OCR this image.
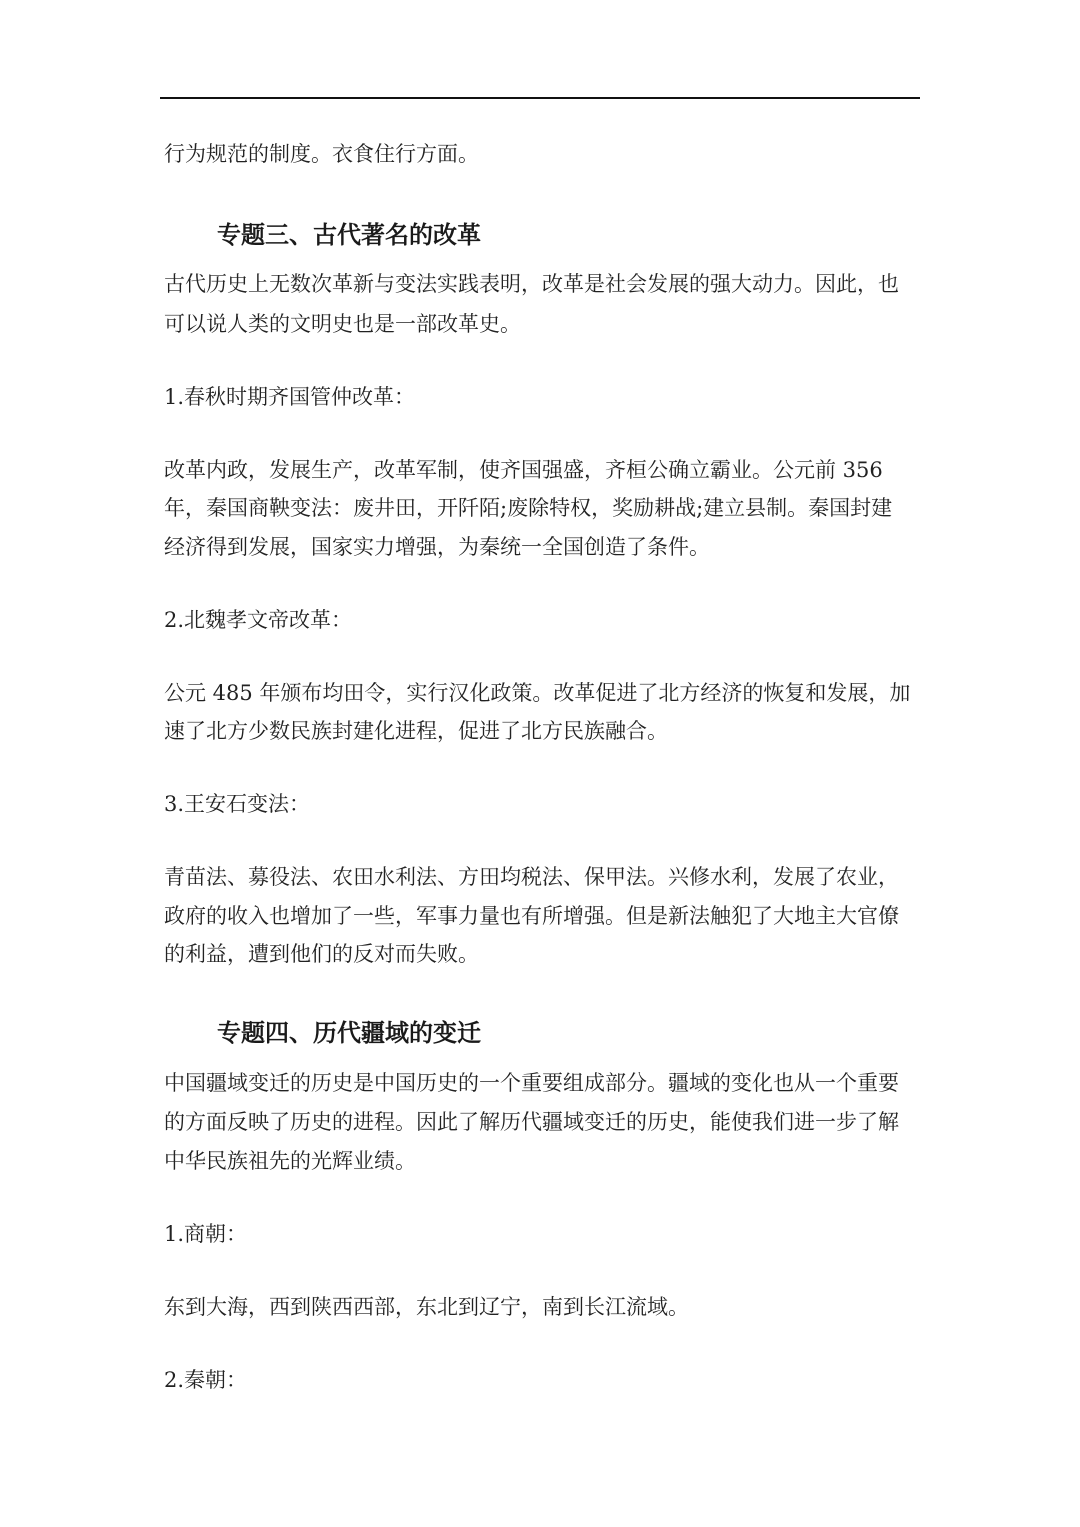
行为规范的制度。衣食住行方面。
专题三、古代著名的改革
古代历史上无数次革新与变法实践表明，改革是社会发展的强大动力。因此，也
可以说人类的文明史也是一部改革史。
1.春秋时期齐国管仲改革：
改革内政，发展生产，改革军制，使齐国强盛，齐桓公确立霸业。公元前 356
年，秦国商鞅变法：废井田，开阡陌;废除特权，奖励耕战;建立县制。秦国封建
经济得到发展，国家实力增强，为秦统一全国创造了条件。
2.北魏孝文帝改革：
公元 485 年颁布均田令，实行汉化政策。改革促进了北方经济的恢复和发展，加
速了北方少数民族封建化进程，促进了北方民族融合。
3.王安石变法：
青苗法、募役法、农田水利法、方田均税法、保甲法。兴修水利，发展了农业，
政府的收入也增加了一些，军事力量也有所增强。但是新法触犯了大地主大官僚
的利益，遭到他们的反对而失败。
专题四、历代疆域的变迁
中国疆域变迁的历史是中国历史的一个重要组成部分。疆域的变化也从一个重要
的方面反映了历史的进程。因此了解历代疆域变迁的历史，能使我们进一步了解
中华民族祖先的光辉业绩。
1.商朝：
东到大海，西到陕西西部，东北到辽宁，南到长江流域。
2.秦朝：
